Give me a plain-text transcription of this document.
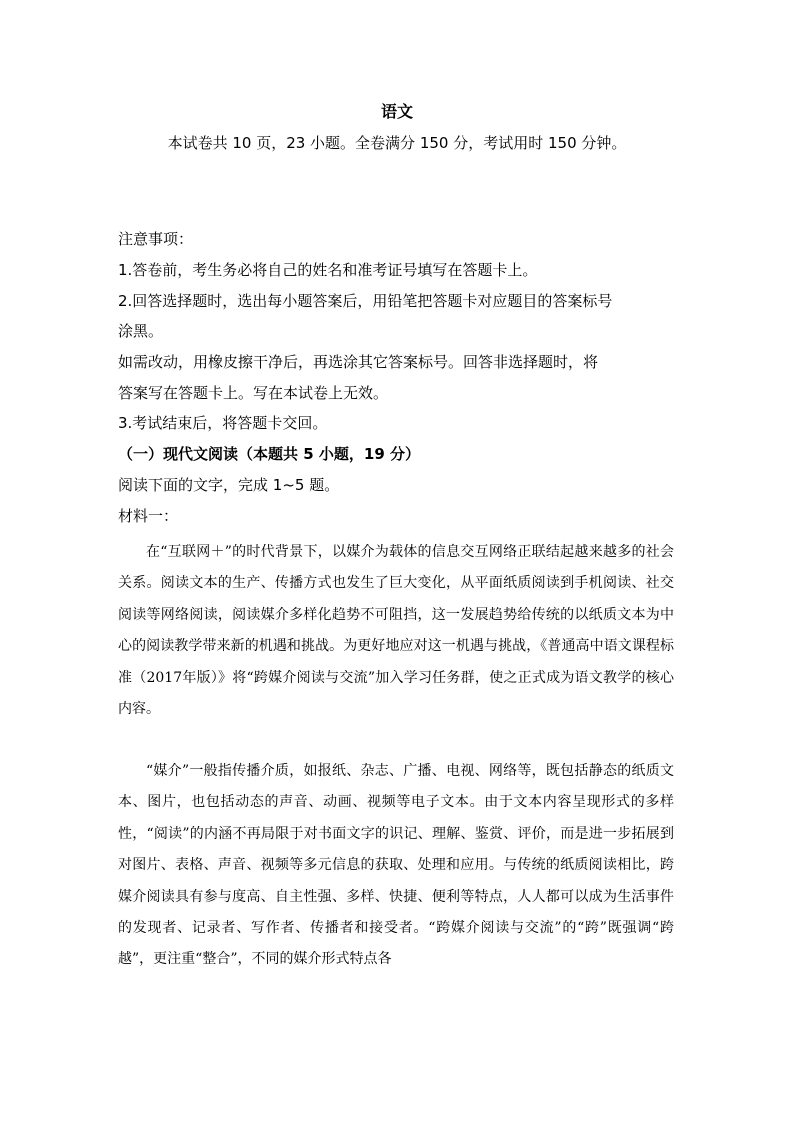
语文
本试卷共 10 页，23 小题。全卷满分 150 分，考试用时 150 分钟。
注意事项：
1.答卷前，考生务必将自己的姓名和准考证号填写在答题卡上。
2.回答选择题时，选出每小题答案后，用铅笔把答题卡对应题目的答案标号
涂黑。
如需改动，用橡皮擦干净后，再选涂其它答案标号。回答非选择题时，将
答案写在答题卡上。写在本试卷上无效。
3.考试结束后，将答题卡交回。
（一）现代文阅读（本题共 5 小题，19 分）
阅读下面的文字，完成 1~5 题。
材料一：
在“互联网＋”的时代背景下，以媒介为载体的信息交互网络正联结起越来越多的社会关系。阅读文本的生产、传播方式也发生了巨大变化，从平面纸质阅读到手机阅读、社交阅读等网络阅读，阅读媒介多样化趋势不可阻挡，这一发展趋势给传统的以纸质文本为中心的阅读教学带来新的机遇和挑战。为更好地应对这一机遇与挑战，《普通高中语文课程标准（2017年版）》将“跨媒介阅读与交流”加入学习任务群，使之正式成为语文教学的核心内容。
“媒介”一般指传播介质，如报纸、杂志、广播、电视、网络等，既包括静态的纸质文本、图片，也包括动态的声音、动画、视频等电子文本。由于文本内容呈现形式的多样性，“阅读”的内涵不再局限于对书面文字的识记、理解、鉴赏、评价，而是进一步拓展到对图片、表格、声音、视频等多元信息的获取、处理和应用。与传统的纸质阅读相比，跨媒介阅读具有参与度高、自主性强、多样、快捷、便利等特点，人人都可以成为生活事件的发现者、记录者、写作者、传播者和接受者。“跨媒介阅读与交流”的“跨”既强调“跨越”，更注重“整合”，不同的媒介形式特点各
